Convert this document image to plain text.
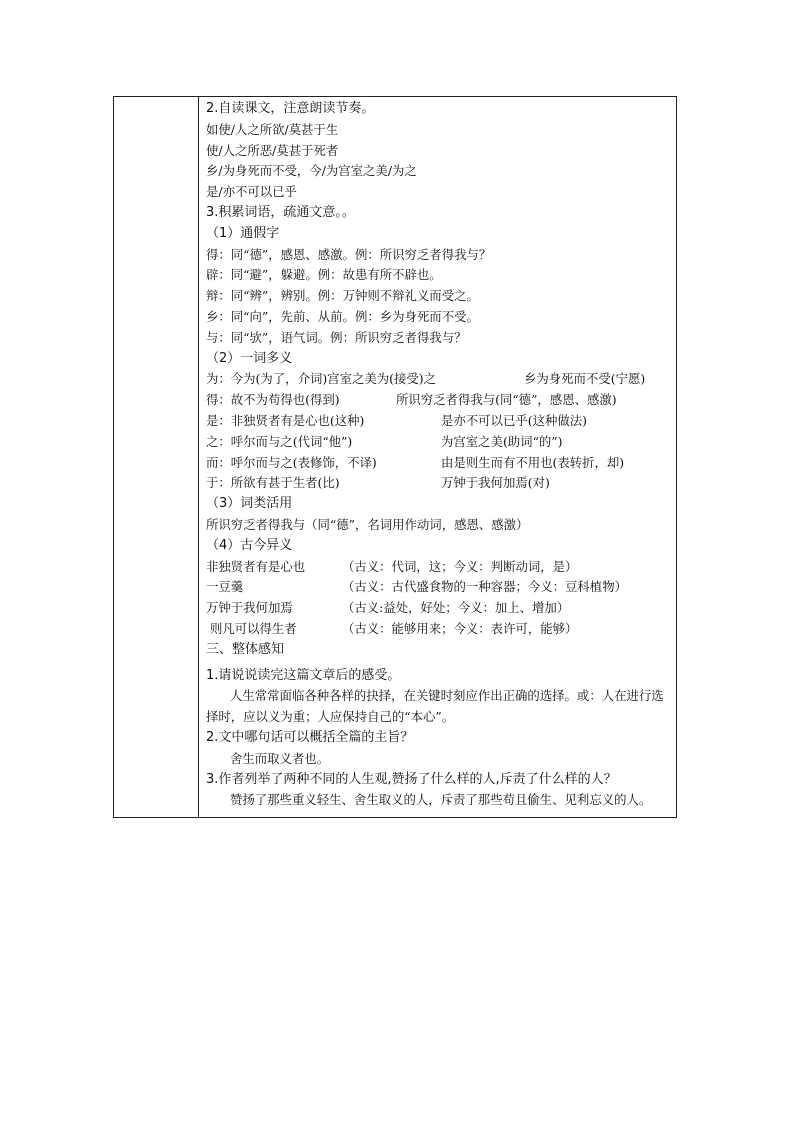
2.自读课文，注意朗读节奏。
如使/人之所欲/莫甚于生
使/人之所恶/莫甚于死者
乡/为身死而不受，今/为宫室之美/为之
是/亦不可以已乎
3.积累词语，疏通文意。。
（1）通假字
得：同“德”，感恩、感激。例：所识穷乏者得我与？
辟：同“避”，躲避。例：故患有所不辟也。
辩：同“辨”，辨别。例：万钟则不辩礼义而受之。
乡：同“向”，先前、从前。例：乡为身死而不受。
与：同“欤”，语气词。例：所识穷乏者得我与？
（2）一词多义
为：今为(为了，介词)宫室之美为(接受)之	乡为身死而不受(宁愿)
得：故不为苟得也(得到)	所识穷乏者得我与(同“德”，感恩、感激)
是：非独贤者有是心也(这种)	是亦不可以已乎(这种做法)
之：呼尔而与之(代词“他”)	为宫室之美(助词“的”)
而：呼尔而与之(表修饰，不译)	由是则生而有不用也(表转折，却)
于：所欲有甚于生者(比)	万钟于我何加焉(对)
（3）词类活用
所识穷乏者得我与（同“德”，名词用作动词，感恩、感激）
（4）古今异义
非独贤者有是心也	（古义：代词，这；今义：判断动词，是）
一豆羹	（古义：古代盛食物的一种容器；今义：豆科植物）
万钟于我何加焉	（古义:益处，好处；今义：加上、增加）
则凡可以得生者	（古义：能够用来；今义：表许可，能够）
三、整体感知
1.请说说读完这篇文章后的感受。
人生常常面临各种各样的抉择，在关键时刻应作出正确的选择。或：人在进行选择时，应以义为重；人应保持自己的“本心”。
2.文中哪句话可以概括全篇的主旨？
舍生而取义者也。
3.作者列举了两种不同的人生观,赞扬了什么样的人,斥责了什么样的人？
赞扬了那些重义轻生、舍生取义的人，斥责了那些苟且偷生、见利忘义的人。
